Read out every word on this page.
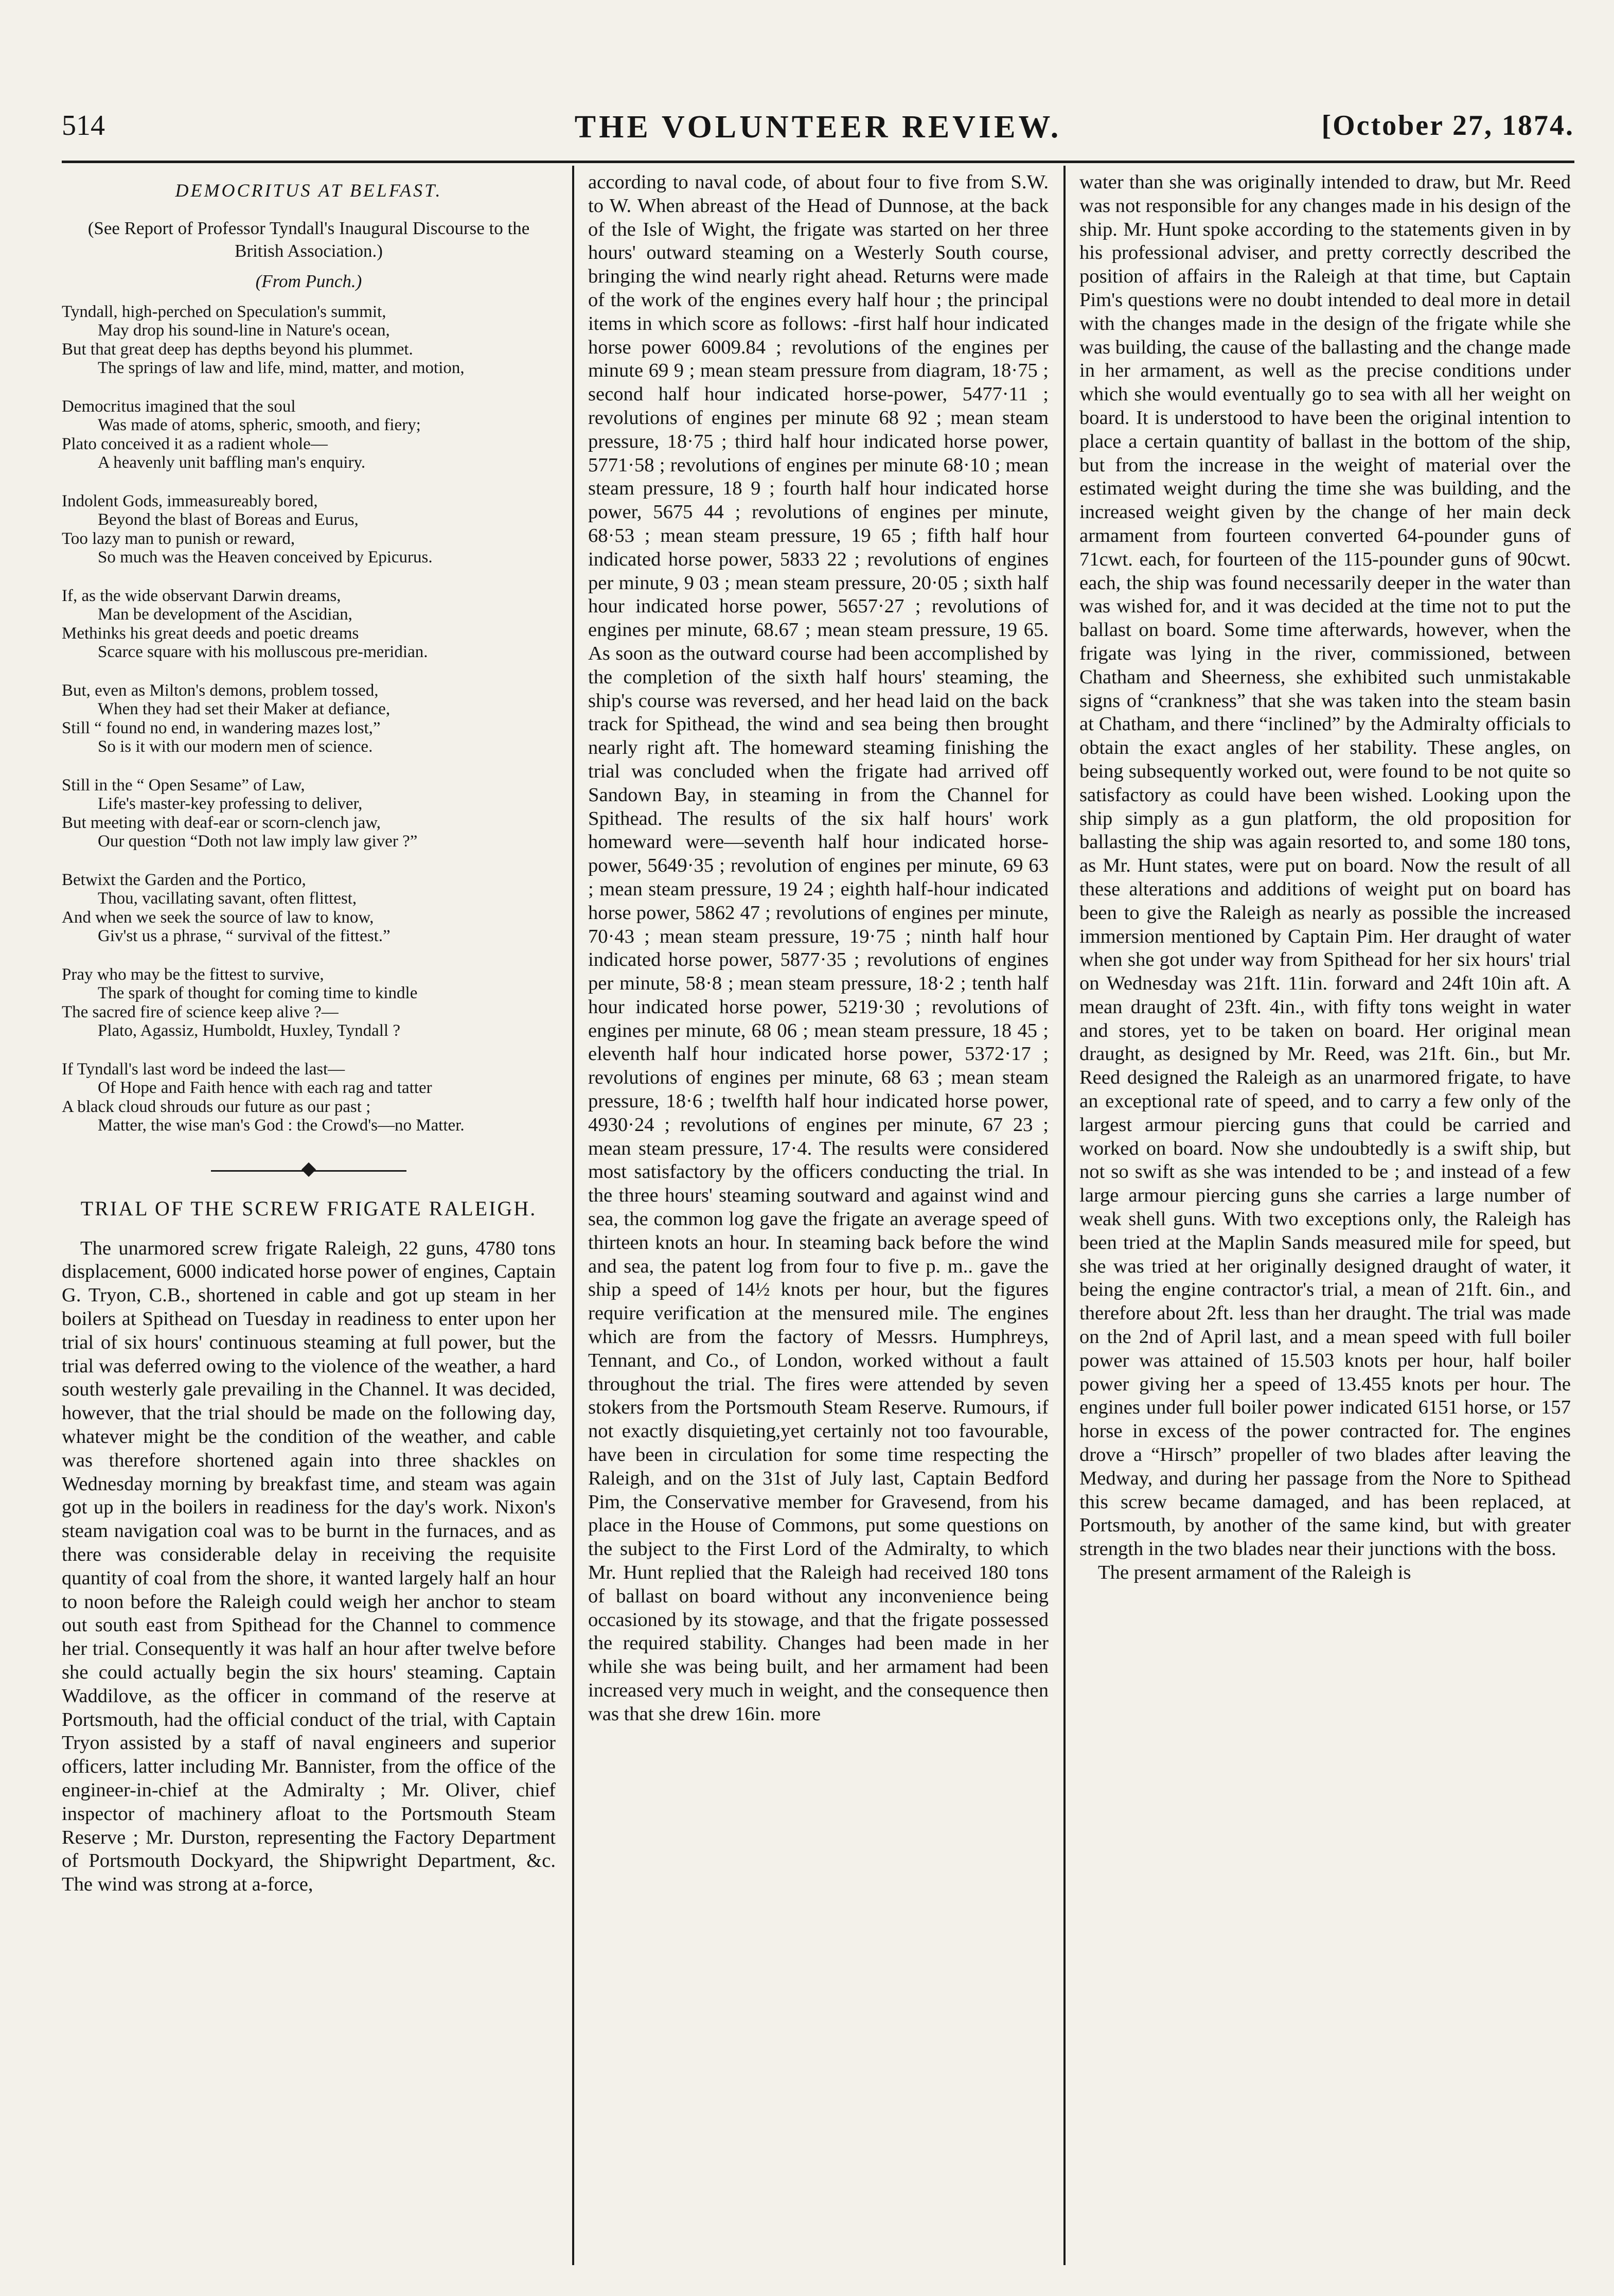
514	THE VOLUNTEER REVIEW.	[October 27, 1874.
DEMOCRITUS AT BELFAST.
(See Report of Professor Tyndall's Inaugural Discourse to the British Association.)
(From Punch.)
Tyndall, high-perched on Speculation's summit,
May drop his sound-line in Nature's ocean,
But that great deep has depths beyond his plummet.
The springs of law and life, mind, matter, and motion,
Democritus imagined that the soul
Was made of atoms, spheric, smooth, and fiery;
Plato conceived it as a radient whole—
A heavenly unit baffling man's enquiry.
Indolent Gods, immeasureably bored,
Beyond the blast of Boreas and Eurus,
Too lazy man to punish or reward,
So much was the Heaven conceived by Epicurus.
If, as the wide observant Darwin dreams,
Man be development of the Ascidian,
Methinks his great deeds and poetic dreams
Scarce square with his molluscous pre-meridian.
But, even as Milton's demons, problem tossed,
When they had set their Maker at defiance,
Still “ found no end, in wandering mazes lost,”
So is it with our modern men of science.
Still in the “ Open Sesame” of Law,
Life's master-key professing to deliver,
But meeting with deaf-ear or scorn-clench jaw,
Our question “Doth not law imply law giver ?”
Betwixt the Garden and the Portico,
Thou, vacillating savant, often flittest,
And when we seek the source of law to know,
Giv'st us a phrase, “ survival of the fittest.”
Pray who may be the fittest to survive,
The spark of thought for coming time to kindle
The sacred fire of science keep alive ?—
Plato, Agassiz, Humboldt, Huxley, Tyndall ?
If Tyndall's last word be indeed the last—
Of Hope and Faith hence with each rag and tatter
A black cloud shrouds our future as our past ;
Matter, the wise man's God : the Crowd's—no Matter.
TRIAL OF THE SCREW FRIGATE RALEIGH.

The unarmored screw frigate Raleigh, 22 guns, 4780 tons displacement, 6000 indicated horse power of engines, Captain G. Tryon, C.B., shortened in cable and got up steam in her boilers at Spithead on Tuesday in readiness to enter upon her trial of six hours' continuous steaming at full power, but the trial was deferred owing to the violence of the weather, a hard south westerly gale prevailing in the Channel. It was decided, however, that the trial should be made on the following day, whatever might be the condition of the weather, and cable was therefore shortened again into three shackles on Wednesday morning by breakfast time, and steam was again got up in the boilers in readiness for the day's work. Nixon's steam navigation coal was to be burnt in the furnaces, and as there was considerable delay in receiving the requisite quantity of coal from the shore, it wanted largely half an hour to noon before the Raleigh could weigh her anchor to steam out south east from Spithead for the Channel to commence her trial. Consequently it was half an hour after twelve before she could actually begin the six hours' steaming. Captain Waddilove, as the officer in command of the reserve at Portsmouth, had the official conduct of the trial, with Captain Tryon assisted by a staff of naval engineers and superior officers, latter including Mr. Bannister, from the office of the engineer-in-chief at the Admiralty ; Mr. Oliver, chief inspector of machinery afloat to the Portsmouth Steam Reserve ; Mr. Durston, representing the Factory Department of Portsmouth Dockyard, the Shipwright Department, &c. The wind was strong at a-force,

according to naval code, of about four to five from S.W. to W. When abreast of the Head of Dunnose, at the back of the Isle of Wight, the frigate was started on her three hours' outward steaming on a Westerly South course, bringing the wind nearly right ahead. Returns were made of the work of the engines every half hour ; the principal items in which score as follows: -first half hour indicated horse power 6009.84 ; revolutions of the engines per minute 69 9 ; mean steam pressure from diagram, 18·75 ; second half hour indicated horse-power, 5477·11 ; revolutions of engines per minute 68 92 ; mean steam pressure, 18·75 ; third half hour indicated horse power, 5771·58 ; revolutions of engines per minute 68·10 ; mean steam pressure, 18 9 ; fourth half hour indicated horse power, 5675 44 ; revolutions of engines per minute, 68·53 ; mean steam pressure, 19 65 ; fifth half hour indicated horse power, 5833 22 ; revolutions of engines per minute, 9 03 ; mean steam pressure, 20·05 ; sixth half hour indicated horse power, 5657·27 ; revolutions of engines per minute, 68.67 ; mean steam pressure, 19 65. As soon as the outward course had been accomplished by the completion of the sixth half hours' steaming, the ship's course was reversed, and her head laid on the back track for Spithead, the wind and sea being then brought nearly right aft. The homeward steaming finishing the trial was concluded when the frigate had arrived off Sandown Bay, in steaming in from the Channel for Spithead. The results of the six half hours' work homeward were—seventh half hour indicated horse-power, 5649·35 ; revolution of engines per minute, 69 63 ; mean steam pressure, 19 24 ; eighth half-hour indicated horse power, 5862 47 ; revolutions of engines per minute, 70·43 ; mean steam pressure, 19·75 ; ninth half hour indicated horse power, 5877·35 ; revolutions of engines per minute, 58·8 ; mean steam pressure, 18·2 ; tenth half hour indicated horse power, 5219·30 ; revolutions of engines per minute, 68 06 ; mean steam pressure, 18 45 ; eleventh half hour indicated horse power, 5372·17 ; revolutions of engines per minute, 68 63 ; mean steam pressure, 18·6 ; twelfth half hour indicated horse power, 4930·24 ; revolutions of engines per minute, 67 23 ; mean steam pressure, 17·4. The results were considered most satisfactory by the officers conducting the trial. In the three hours' steaming soutward and against wind and sea, the common log gave the frigate an average speed of thirteen knots an hour. In steaming back before the wind and sea, the patent log from four to five p. m.. gave the ship a speed of 14½ knots per hour, but the figures require verification at the mensured mile. The engines which are from the factory of Messrs. Humphreys, Tennant, and Co., of London, worked without a fault throughout the trial. The fires were attended by seven stokers from the Portsmouth Steam Reserve. Rumours, if not exactly disquieting,yet certainly not too favourable, have been in circulation for some time respecting the Raleigh, and on the 31st of July last, Captain Bedford Pim, the Conservative member for Gravesend, from his place in the House of Commons, put some questions on the subject to the First Lord of the Admiralty, to which Mr. Hunt replied that the Raleigh had received 180 tons of ballast on board without any inconvenience being occasioned by its stowage, and that the frigate possessed the required stability. Changes had been made in her while she was being built, and her armament had been increased very much in weight, and the consequence then was that she drew 16in. more

water than she was originally intended to draw, but Mr. Reed was not responsible for any changes made in his design of the ship. Mr. Hunt spoke according to the statements given in by his professional adviser, and pretty correctly described the position of affairs in the Raleigh at that time, but Captain Pim's questions were no doubt intended to deal more in detail with the changes made in the design of the frigate while she was building, the cause of the ballasting and the change made in her armament, as well as the precise conditions under which she would eventually go to sea with all her weight on board. It is understood to have been the original intention to place a certain quantity of ballast in the bottom of the ship, but from the increase in the weight of material over the estimated weight during the time she was building, and the increased weight given by the change of her main deck armament from fourteen converted 64-pounder guns of 71cwt. each, for fourteen of the 115-pounder guns of 90cwt. each, the ship was found necessarily deeper in the water than was wished for, and it was decided at the time not to put the ballast on board. Some time afterwards, however, when the frigate was lying in the river, commissioned, between Chatham and Sheerness, she exhibited such unmistakable signs of “crankness” that she was taken into the steam basin at Chatham, and there “inclined” by the Admiralty officials to obtain the exact angles of her stability. These angles, on being subsequently worked out, were found to be not quite so satisfactory as could have been wished. Looking upon the ship simply as a gun platform, the old proposition for ballasting the ship was again resorted to, and some 180 tons, as Mr. Hunt states, were put on board. Now the result of all these alterations and additions of weight put on board has been to give the Raleigh as nearly as possible the increased immersion mentioned by Captain Pim. Her draught of water when she got under way from Spithead for her six hours' trial on Wednesday was 21ft. 11in. forward and 24ft 10in aft. A mean draught of 23ft. 4in., with fifty tons weight in water and stores, yet to be taken on board. Her original mean draught, as designed by Mr. Reed, was 21ft. 6in., but Mr. Reed designed the Raleigh as an unarmored frigate, to have an exceptional rate of speed, and to carry a few only of the largest armour piercing guns that could be carried and worked on board. Now she undoubtedly is a swift ship, but not so swift as she was intended to be ; and instead of a few large armour piercing guns she carries a large number of weak shell guns. With two exceptions only, the Raleigh has been tried at the Maplin Sands measured mile for speed, but she was tried at her originally designed draught of water, it being the engine contractor's trial, a mean of 21ft. 6in., and therefore about 2ft. less than her draught. The trial was made on the 2nd of April last, and a mean speed with full boiler power was attained of 15.503 knots per hour, half boiler power giving her a speed of 13.455 knots per hour. The engines under full boiler power indicated 6151 horse, or 157 horse in excess of the power contracted for. The engines drove a “Hirsch” propeller of two blades after leaving the Medway, and during her passage from the Nore to Spithead this screw became damaged, and has been replaced, at Portsmouth, by another of the same kind, but with greater strength in the two blades near their junctions with the boss.

The present armament of the Raleigh is
